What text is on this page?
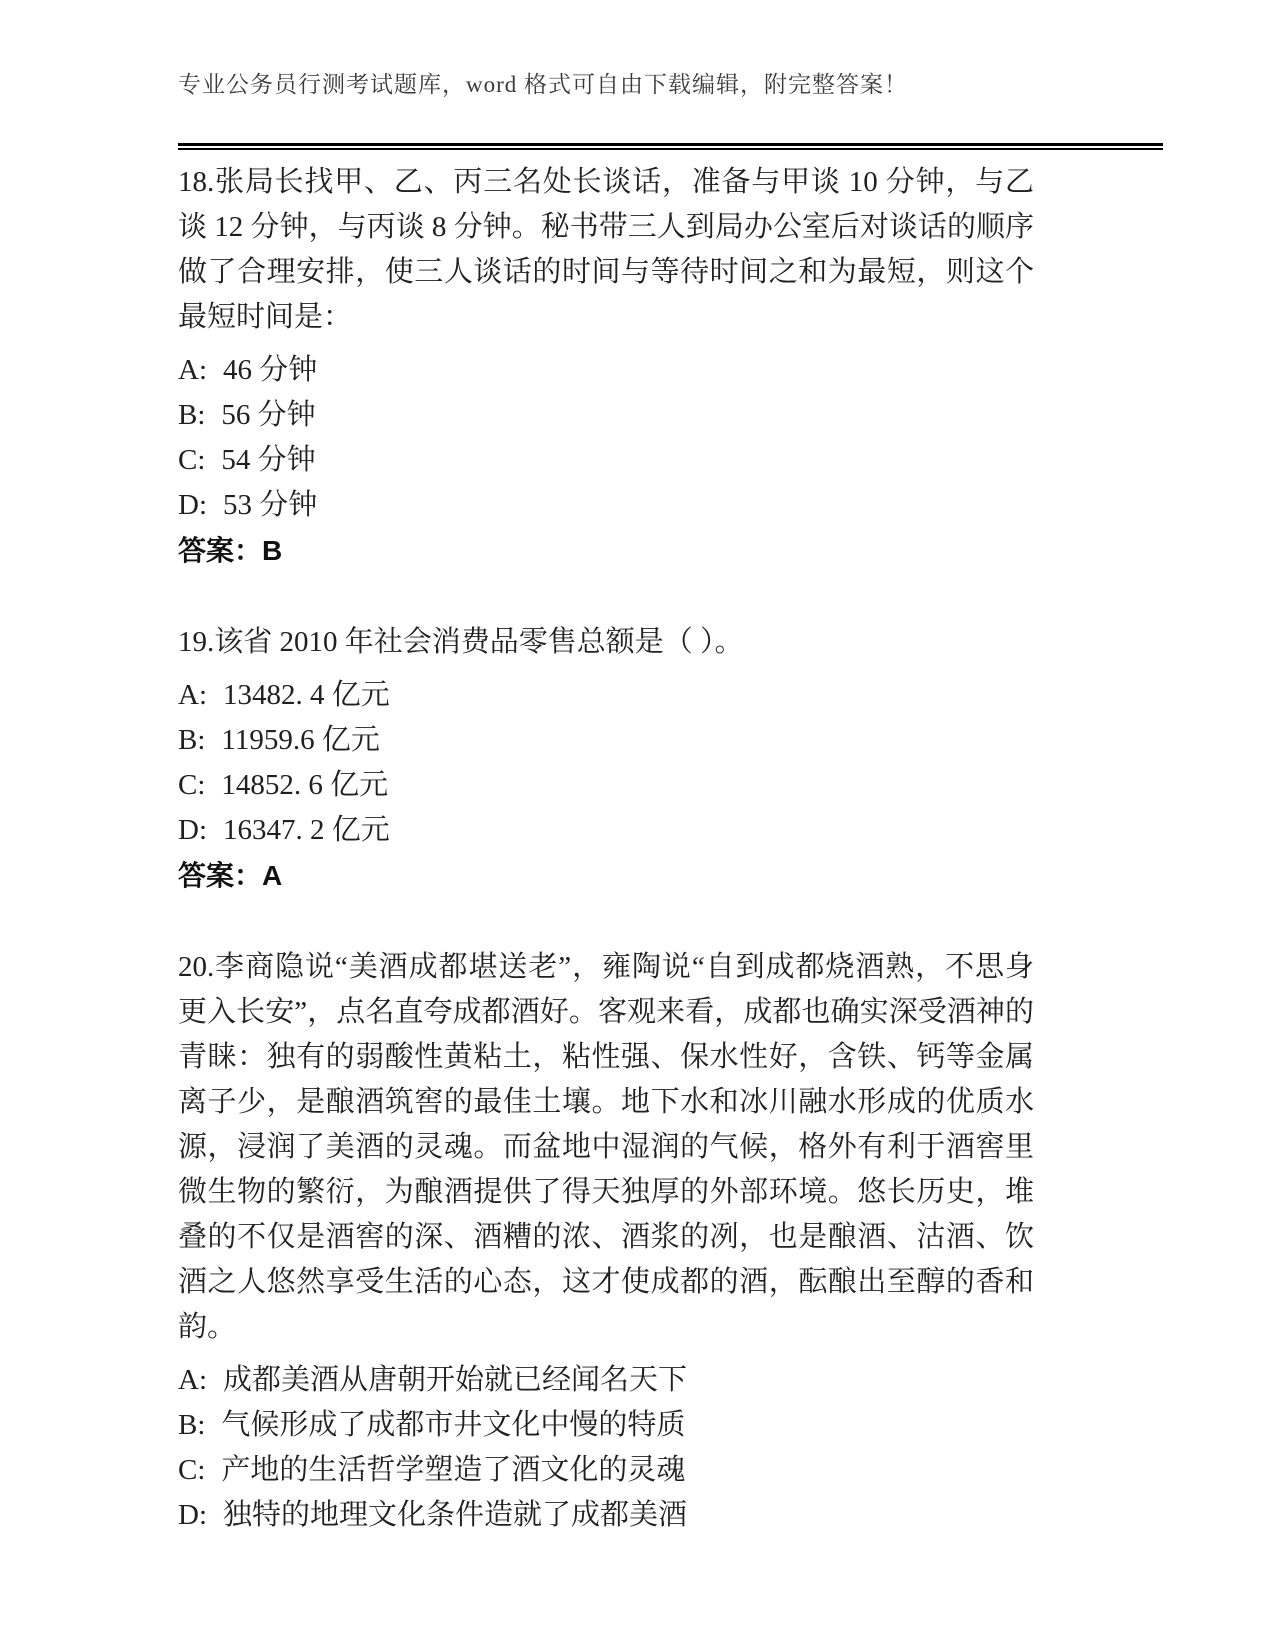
专业公务员行测考试题库，word 格式可自由下载编辑，附完整答案！

18.张局长找甲、乙、丙三名处长谈话，准备与甲谈 10 分钟，与乙谈 12 分钟，与丙谈 8 分钟。秘书带三人到局办公室后对谈话的顺序做了合理安排，使三人谈话的时间与等待时间之和为最短，则这个最短时间是：

A: 46 分钟
B: 56 分钟
C: 54 分钟
D: 53 分钟
答案：B

19.该省 2010 年社会消费品零售总额是（ ）。

A: 13482. 4 亿元
B: 11959.6 亿元
C: 14852. 6 亿元
D: 16347. 2 亿元
答案：A

20.李商隐说“美酒成都堪送老”，雍陶说“自到成都烧酒熟，不思身更入长安”，点名直夸成都酒好。客观来看，成都也确实深受酒神的青睐：独有的弱酸性黄粘土，粘性强、保水性好，含铁、钙等金属离子少，是酿酒筑窖的最佳土壤。地下水和冰川融水形成的优质水源，浸润了美酒的灵魂。而盆地中湿润的气候，格外有利于酒窖里微生物的繁衍，为酿酒提供了得天独厚的外部环境。悠长历史，堆叠的不仅是酒窖的深、酒糟的浓、酒浆的冽，也是酿酒、沽酒、饮酒之人悠然享受生活的心态，这才使成都的酒，酝酿出至醇的香和韵。

A: 成都美酒从唐朝开始就已经闻名天下
B: 气候形成了成都市井文化中慢的特质
C: 产地的生活哲学塑造了酒文化的灵魂
D: 独特的地理文化条件造就了成都美酒
